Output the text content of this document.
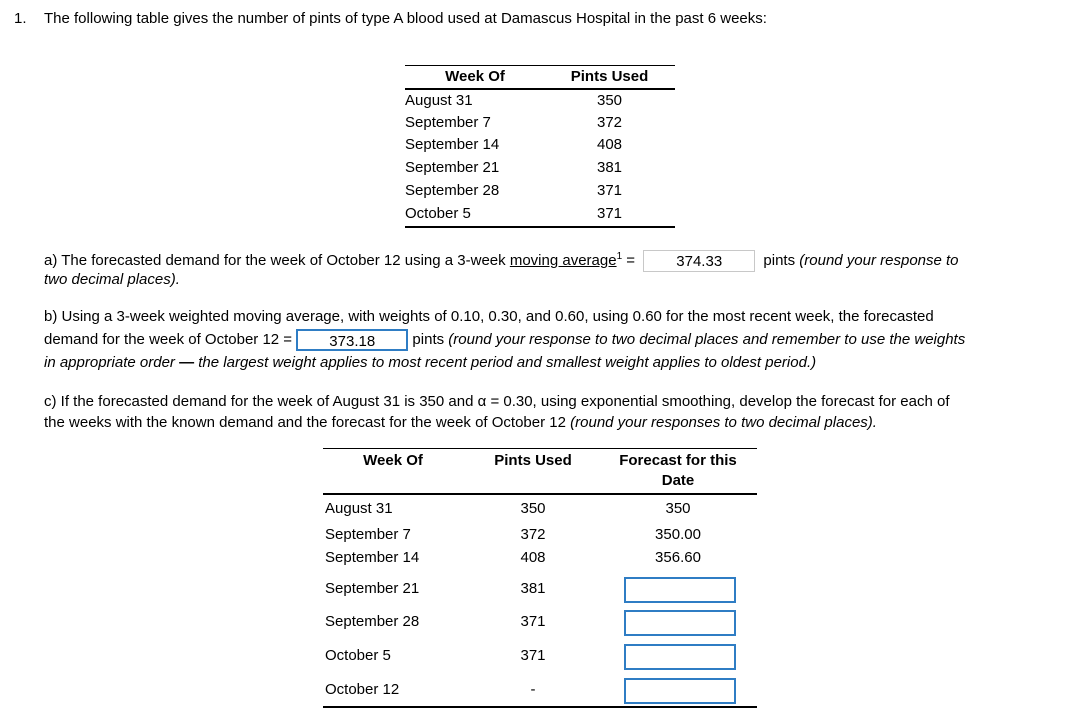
1. The following table gives the number of pints of type A blood used at Damascus Hospital in the past 6 weeks:
Week Of	Pints Used
August 31	350
September 7	372
September 14	408
September 21	381
September 28	371
October 5	371
a) The forecasted demand for the week of October 12 using a 3-week moving average$^1$ =	374.33	pints (round your response to
two decimal places).
b) Using a 3-week weighted moving average, with weights of 0.10, 0.30, and 0.60, using 0.60 for the most recent week, the forecasted
demand for the week of October 12 = 373.18 pints (round your response to two decimal places and remember to use the weights
in appropriate order — the largest weight applies to most recent period and smallest weight applies to oldest period.)
c) If the forecasted demand for the week of August 31 is 350 and α = 0.30, using exponential smoothing, develop the forecast for each of
the weeks with the known demand and the forecast for the week of October 12 (round your responses to two decimal places).
Week Of	Pints Used	Forecast for this
Date
August 31	350	350
September 7	372	350.00
September 14	408	356.60
September 21	381
September 28	371
October 5	371
October 12	-
